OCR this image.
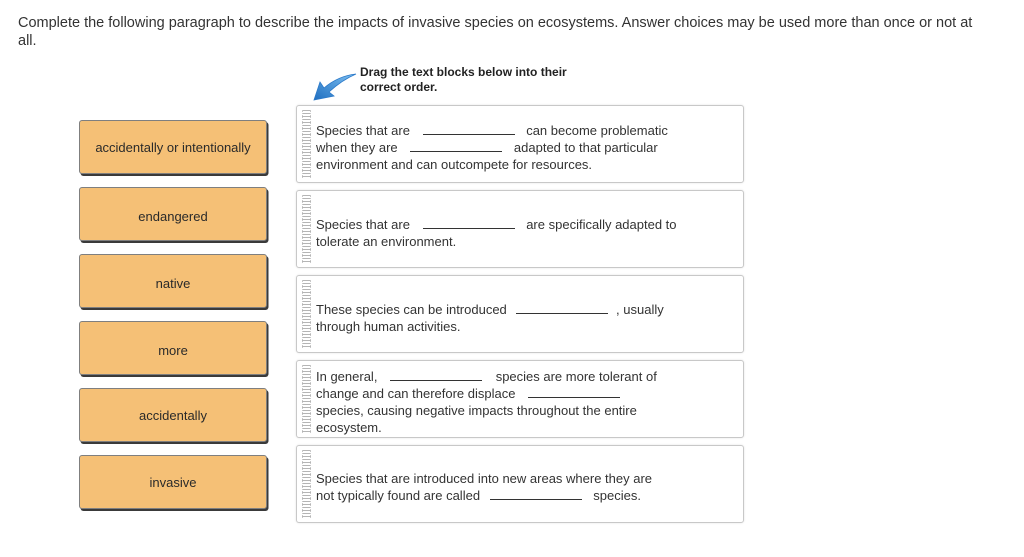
Complete the following paragraph to describe the impacts of invasive species on ecosystems. Answer choices may be used more than once or not at all.
Drag the text blocks below into their
correct order.
accidentally or intentionally
endangered
native
more
accidentally
invasive
Species that are	can become problematic
when they are	adapted to that particular
environment and can outcompete for resources.
Species that are	are specifically adapted to
tolerate an environment.
These species can be introduced	, usually
through human activities.
In general,	species are more tolerant of
change and can therefore displace
species, causing negative impacts throughout the entire
ecosystem.
Species that are introduced into new areas where they are
not typically found are called	species.
